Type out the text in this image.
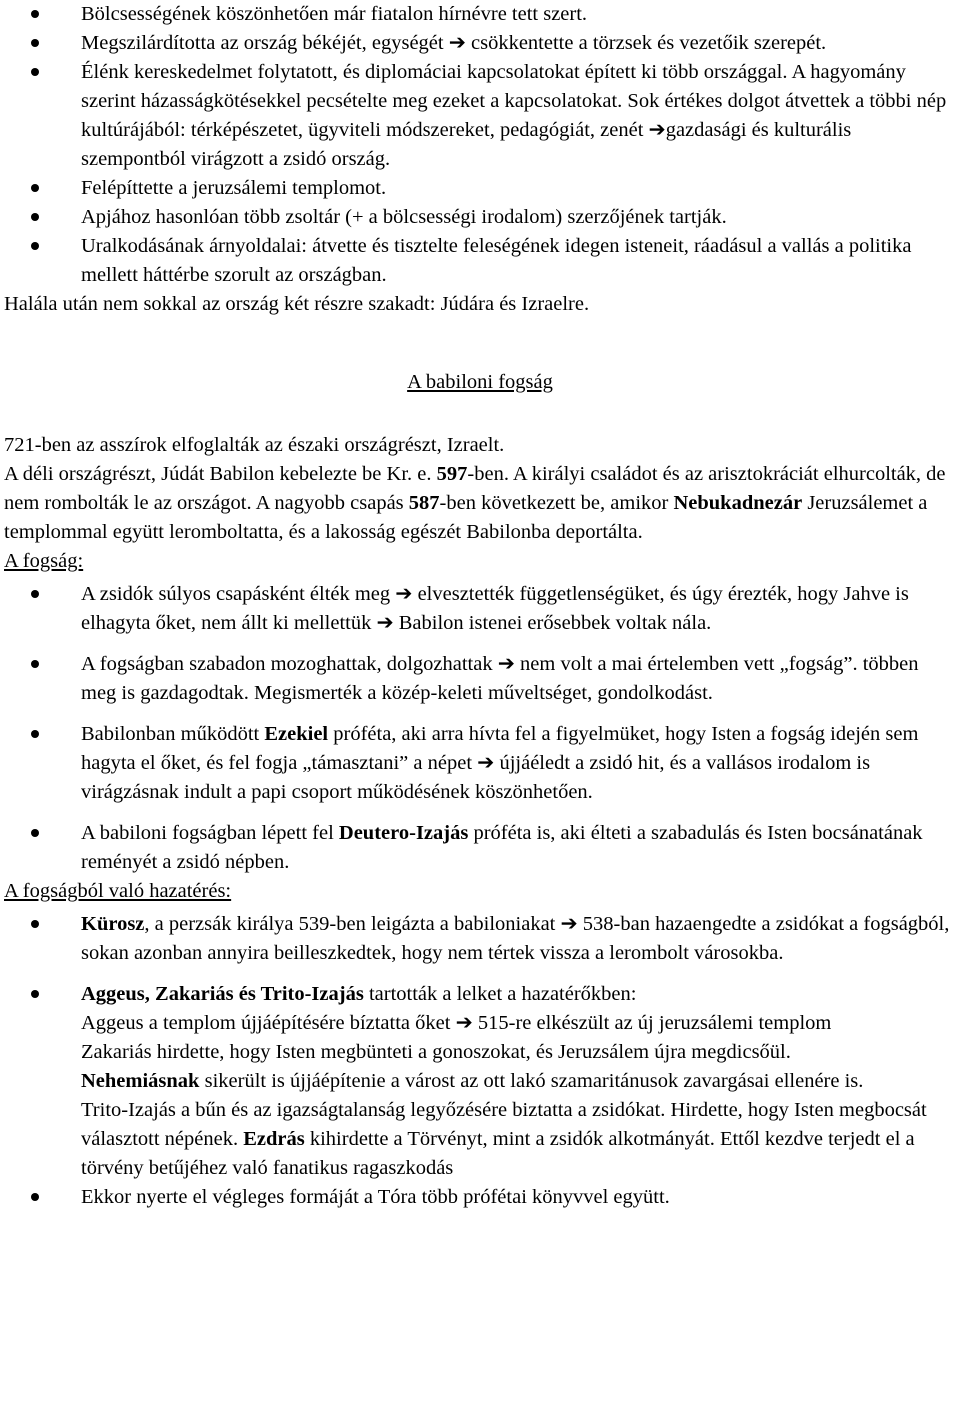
Bölcsességének köszönhetően már fiatalon hírnévre tett szert.

Megszilárdította az ország békéjét, egységét ➔ csökkentette a törzsek és vezetőik szerepét.

Élénk kereskedelmet folytatott, és diplomáciai kapcsolatokat épített ki több országgal. A hagyomány szerint házasságkötésekkel pecsételte meg ezeket a kapcsolatokat. Sok értékes dolgot átvettek a többi nép kultúrájából: térképészetet, ügyviteli módszereket, pedagógiát, zenét ➔gazdasági és kulturális szempontból virágzott a zsidó ország.

Felépíttette a jeruzsálemi templomot.

Apjához hasonlóan több zsoltár (+ a bölcsességi irodalom) szerzőjének tartják.

Uralkodásának árnyoldalai: átvette és tisztelte feleségének idegen isteneit, ráadásul a vallás a politika mellett háttérbe szorult az országban.

Halála után nem sokkal az ország két részre szakadt: Júdára és Izraelre.

A babiloni fogság

721-ben az asszírok elfoglalták az északi országrészt, Izraelt.

A déli országrészt, Júdát Babilon kebelezte be Kr. e. 597-ben. A királyi családot és az arisztokráciát elhurcolták, de nem rombolták le az országot. A nagyobb csapás 587-ben következett be, amikor Nebukadnezár Jeruzsálemet a templommal együtt leromboltatta, és a lakosság egészét Babilonba deportálta.

A fogság:

A zsidók súlyos csapásként élték meg ➔ elvesztették függetlenségüket, és úgy érezték, hogy Jahve is elhagyta őket, nem állt ki mellettük ➔ Babilon istenei erősebbek voltak nála.

A fogságban szabadon mozoghattak, dolgozhattak ➔ nem volt a mai értelemben vett „fogság”. többen meg is gazdagodtak. Megismerték a közép-keleti műveltséget, gondolkodást.

Babilonban működött Ezekiel próféta, aki arra hívta fel a figyelmüket, hogy Isten a fogság idején sem hagyta el őket, és fel fogja „támasztani” a népet ➔ újjáéledt a zsidó hit, és a vallásos irodalom is virágzásnak indult a papi csoport működésének köszönhetően.

A babiloni fogságban lépett fel Deutero-Izajás próféta is, aki élteti a szabadulás és Isten bocsánatának reményét a zsidó népben.

A fogságból való hazatérés:

Kürosz, a perzsák királya 539-ben leigázta a babiloniakat ➔ 538-ban hazaengedte a zsidókat a fogságból, sokan azonban annyira beilleszkedtek, hogy nem tértek vissza a lerombolt városokba.

Aggeus, Zakariás és Trito-Izajás tartották a lelket a hazatérőkben:
Aggeus a templom újjáépítésére bíztatta őket ➔ 515-re elkészült az új jeruzsálemi templom
Zakariás hirdette, hogy Isten megbünteti a gonoszokat, és Jeruzsálem újra megdicsőül.
Nehemiásnak sikerült is újjáépítenie a várost az ott lakó szamaritánusok zavargásai ellenére is.
Trito-Izajás a bűn és az igazságtalanság legyőzésére biztatta a zsidókat. Hirdette, hogy Isten megbocsát választott népének. Ezdrás kihirdette a Törvényt, mint a zsidók alkotmányát. Ettől kezdve terjedt el a törvény betűjéhez való fanatikus ragaszkodás

Ekkor nyerte el végleges formáját a Tóra több prófétai könyvvel együtt.
